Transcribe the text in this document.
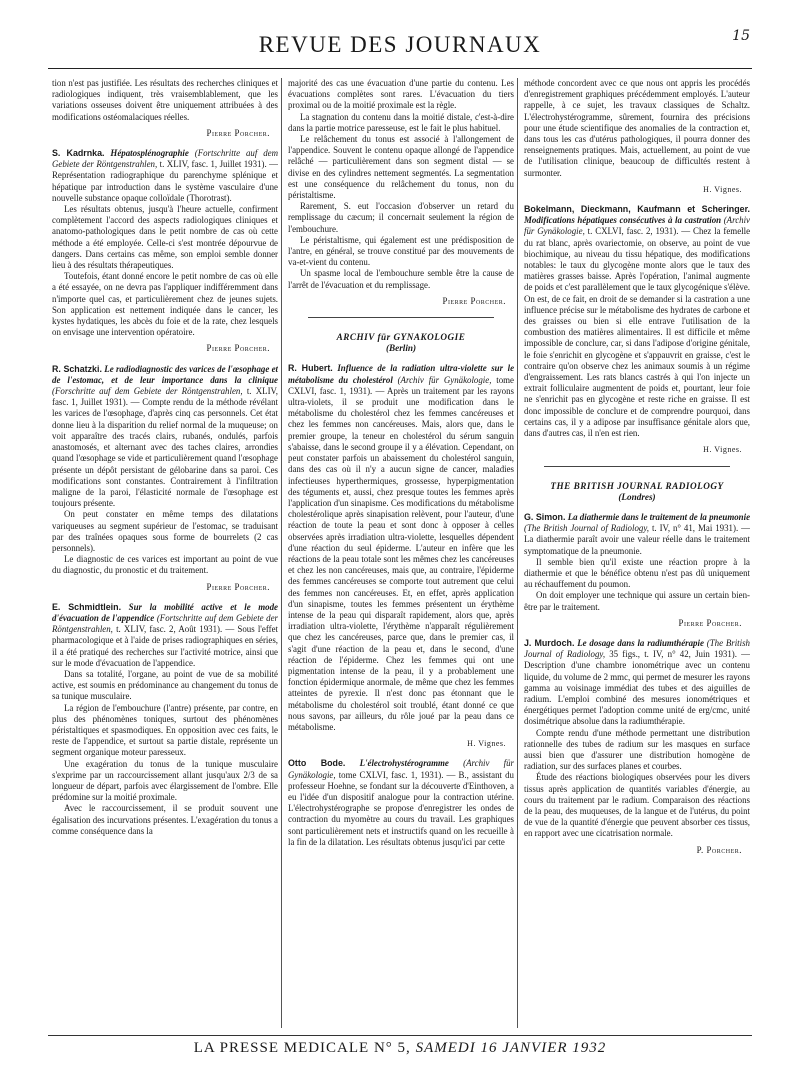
REVUE DES JOURNAUX	15

tion n'est pas justifiée. Les résultats des recherches cliniques et radiologiques indiquent, très vraisemblablement, que les variations osseuses doivent être uniquement attribuées à des modifications ostéomalaciques réelles.

Pierre Porcher.

S. Kadrnka. Hépatosplénographie (Fortschritte auf dem Gebiete der Röntgenstrahlen, t. XLIV, fasc. 1, Juillet 1931). — Représentation radiographique du parenchyme splénique et hépatique par introduction dans le système vasculaire d'une nouvelle substance opaque colloïdale (Thorotrast).

Les résultats obtenus, jusqu'à l'heure actuelle, confirment complètement l'accord des aspects radiologiques cliniques et anatomo-pathologiques dans le petit nombre de cas où cette méthode a été employée. Celle-ci s'est montrée dépourvue de dangers. Dans certains cas même, son emploi semble donner lieu à des résultats thérapeutiques.

Toutefois, étant donné encore le petit nombre de cas où elle a été essayée, on ne devra pas l'appliquer indifféremment dans n'importe quel cas, et particulièrement chez de jeunes sujets. Son application est nettement indiquée dans le cancer, les kystes hydatiques, les abcès du foie et de la rate, chez lesquels on envisage une intervention opératoire.

Pierre Porcher.

R. Schatzki. Le radiodiagnostic des varices de l'œsophage et de l'estomac, et de leur importance dans la clinique (Forschritte auf dem Gebiete der Röntgenstrahlen, t. XLIV, fasc. 1, Juillet 1931). — Compte rendu de la méthode révélant les varices de l'œsophage, d'après cinq cas personnels. Cet état donne lieu à la disparition du relief normal de la muqueuse; on voit apparaître des tracés clairs, rubanés, ondulés, parfois anastomosés, et alternant avec des taches claires, arrondies quand l'œsophage se vide et particulièrement quand l'œsophage présente un dépôt persistant de gélobarine dans sa paroi. Ces modifications sont constantes. Contrairement à l'infiltration maligne de la paroi, l'élasticité normale de l'œsophage est toujours présente.

On peut constater en même temps des dilatations variqueuses au segment supérieur de l'estomac, se traduisant par des traînées opaques sous forme de bourrelets (2 cas personnels).

Le diagnostic de ces varices est important au point de vue du diagnostic, du pronostic et du traitement.

Pierre Porcher.

E. Schmidtlein. Sur la mobilité active et le mode d'évacuation de l'appendice (Fortschritte auf dem Gebiete der Röntgenstrahlen, t. XLIV, fasc. 2, Août 1931). — Sous l'effet pharmacologique et à l'aide de prises radiographiques en séries, il a été pratiqué des recherches sur l'activité motrice, ainsi que sur le mode d'évacuation de l'appendice.

Dans sa totalité, l'organe, au point de vue de sa mobilité active, est soumis en prédominance au changement du tonus de sa tunique musculaire.

La région de l'embouchure (l'antre) présente, par contre, en plus des phénomènes toniques, surtout des phénomènes péristaltiques et spasmodiques. En opposition avec ces faits, le reste de l'appendice, et surtout sa partie distale, représente un segment organique moteur paresseux.

Une exagération du tonus de la tunique musculaire s'exprime par un raccourcissement allant jusqu'aux 2/3 de sa longueur de départ, parfois avec élargissement de l'ombre. Elle prédomine sur la moitié proximale.

Avec le raccourcissement, il se produit souvent une égalisation des incurvations présentes. L'exagération du tonus a comme conséquence dans la

majorité des cas une évacuation d'une partie du contenu. Les évacuations complètes sont rares. L'évacuation du tiers proximal ou de la moitié proximale est la règle.

La stagnation du contenu dans la moitié distale, c'est-à-dire dans la partie motrice paresseuse, est le fait le plus habituel.

Le relâchement du tonus est associé à l'allongement de l'appendice. Souvent le contenu opaque allongé de l'appendice relâché — particulièrement dans son segment distal — se divise en des cylindres nettement segmentés. La segmentation est une conséquence du relâchement du tonus, non du péristaltisme.

Rarement, S. eut l'occasion d'observer un retard du remplissage du cæcum; il concernait seulement la région de l'embouchure.

Le péristaltisme, qui également est une prédisposition de l'antre, en général, se trouve constitué par des mouvements de va-et-vient du contenu.

Un spasme local de l'embouchure semble être la cause de l'arrêt de l'évacuation et du remplissage.

Pierre Porcher.

ARCHIV für GYNAKOLOGIE

(Berlin)

R. Hubert. Influence de la radiation ultra-violette sur le métabolisme du cholestérol (Archiv für Gynäkologie, tome CXLVI, fasc. 1, 1931). — Après un traitement par les rayons ultra-violets, il se produit une modification dans le métabolisme du cholestérol chez les femmes cancéreuses et chez les femmes non cancéreuses. Mais, alors que, dans le premier groupe, la teneur en cholestérol du sérum sanguin s'abaisse, dans le second groupe il y a élévation. Cependant, on peut constater parfois un abaissement du cholestérol sanguin, dans des cas où il n'y a aucun signe de cancer, maladies infectieuses hyperthermiques, grossesse, hyperpigmentation des téguments et, aussi, chez presque toutes les femmes après l'application d'un sinapisme. Ces modifications du métabolisme cholestérolique après sinapisation relèvent, pour l'auteur, d'une réaction de toute la peau et sont donc à opposer à celles observées après irradiation ultra-violette, lesquelles dépendent d'une réaction du seul épiderme. L'auteur en infère que les réactions de la peau totale sont les mêmes chez les cancéreuses et chez les non cancéreuses, mais que, au contraire, l'épiderme des femmes cancéreuses se comporte tout autrement que celui des femmes non cancéreuses. Et, en effet, après application d'un sinapisme, toutes les femmes présentent un érythème intense de la peau qui disparaît rapidement, alors que, après irradiation ultra-violette, l'érythème n'apparaît régulièrement que chez les cancéreuses, parce que, dans le premier cas, il s'agit d'une réaction de la peau et, dans le second, d'une réaction de l'épiderme. Chez les femmes qui ont une pigmentation intense de la peau, il y a probablement une fonction épidermique anormale, de même que chez les femmes atteintes de pyrexie. Il n'est donc pas étonnant que le métabolisme du cholestérol soit troublé, étant donné ce que nous savons, par ailleurs, du rôle joué par la peau dans ce métabolisme.

H. Vignes.

Otto Bode. L'électrohystérogramme (Archiv für Gynäkologie, tome CXLVI, fasc. 1, 1931). — B., assistant du professeur Hoehne, se fondant sur la découverte d'Einthoven, a eu l'idée d'un dispositif analogue pour la contraction utérine. L'électrohystérographe se propose d'enregistrer les ondes de contraction du myomètre au cours du travail. Les graphiques sont particulièrement nets et instructifs quand on les recueille à la fin de la dilatation. Les résultats obtenus jusqu'ici par cette

méthode concordent avec ce que nous ont appris les procédés d'enregistrement graphiques précédemment employés. L'auteur rappelle, à ce sujet, les travaux classiques de Schaltz. L'électrohystérogramme, sûrement, fournira des précisions pour une étude scientifique des anomalies de la contraction et, dans tous les cas d'utérus pathologiques, il pourra donner des renseignements pratiques. Mais, actuellement, au point de vue de l'utilisation clinique, beaucoup de difficultés restent à surmonter.

H. Vignes.

Bokelmann, Dieckmann, Kaufmann et Scheringer. Modifications hépatiques consécutives à la castration (Archiv für Gynäkologie, t. CXLVI, fasc. 2, 1931). — Chez la femelle du rat blanc, après ovariectomie, on observe, au point de vue biochimique, au niveau du tissu hépatique, des modifications notables: le taux du glycogène monte alors que le taux des matières grasses baisse. Après l'opération, l'animal augmente de poids et c'est parallèlement que le taux glycogénique s'élève. On est, de ce fait, en droit de se demander si la castration a une influence précise sur le métabolisme des hydrates de carbone et des graisses ou bien si elle entrave l'utilisation de la combustion des matières alimentaires. Il est difficile et même impossible de conclure, car, si dans l'adipose d'origine génitale, le foie s'enrichit en glycogène et s'appauvrit en graisse, c'est le contraire qu'on observe chez les animaux soumis à un régime d'engraissement. Les rats blancs castrés à qui l'on injecte un extrait folliculaire augmentent de poids et, pourtant, leur foie ne s'enrichit pas en glycogène et reste riche en graisse. Il est donc impossible de conclure et de comprendre pourquoi, dans certains cas, il y a adipose par insuffisance génitale alors que, dans d'autres cas, il n'en est rien.

H. Vignes.

THE BRITISH JOURNAL RADIOLOGY

(Londres)

G. Simon. La diathermie dans le traitement de la pneumonie (The British Journal of Radiology, t. IV, n° 41, Mai 1931). — La diathermie paraît avoir une valeur réelle dans le traitement symptomatique de la pneumonie.

Il semble bien qu'il existe une réaction propre à la diathermie et que le bénéfice obtenu n'est pas dû uniquement au réchauffement du poumon.

On doit employer une technique qui assure un certain bien-être par le traitement.

Pierre Porcher.

J. Murdoch. Le dosage dans la radiumthérapie (The British Journal of Radiology, 35 figs., t. IV, n° 42, Juin 1931). — Description d'une chambre ionométrique avec un contenu liquide, du volume de 2 mmc, qui permet de mesurer les rayons gamma au voisinage immédiat des tubes et des aiguilles de radium. L'emploi combiné des mesures ionométriques et énergétiques permet l'adoption comme unité de erg/cmc, unité dosimétrique absolue dans la radiumthérapie.

Compte rendu d'une méthode permettant une distribution rationnelle des tubes de radium sur les masques en surface aussi bien que d'assurer une distribution homogène de radiation, sur des surfaces planes et courbes.

Étude des réactions biologiques observées pour les divers tissus après application de quantités variables d'énergie, au cours du traitement par le radium. Comparaison des réactions de la peau, des muqueuses, de la langue et de l'utérus, du point de vue de la quantité d'énergie que peuvent absorber ces tissus, en rapport avec une cicatrisation normale.

P. Porcher.

LA PRESSE MEDICALE N° 5, SAMEDI 16 JANVIER 1932
